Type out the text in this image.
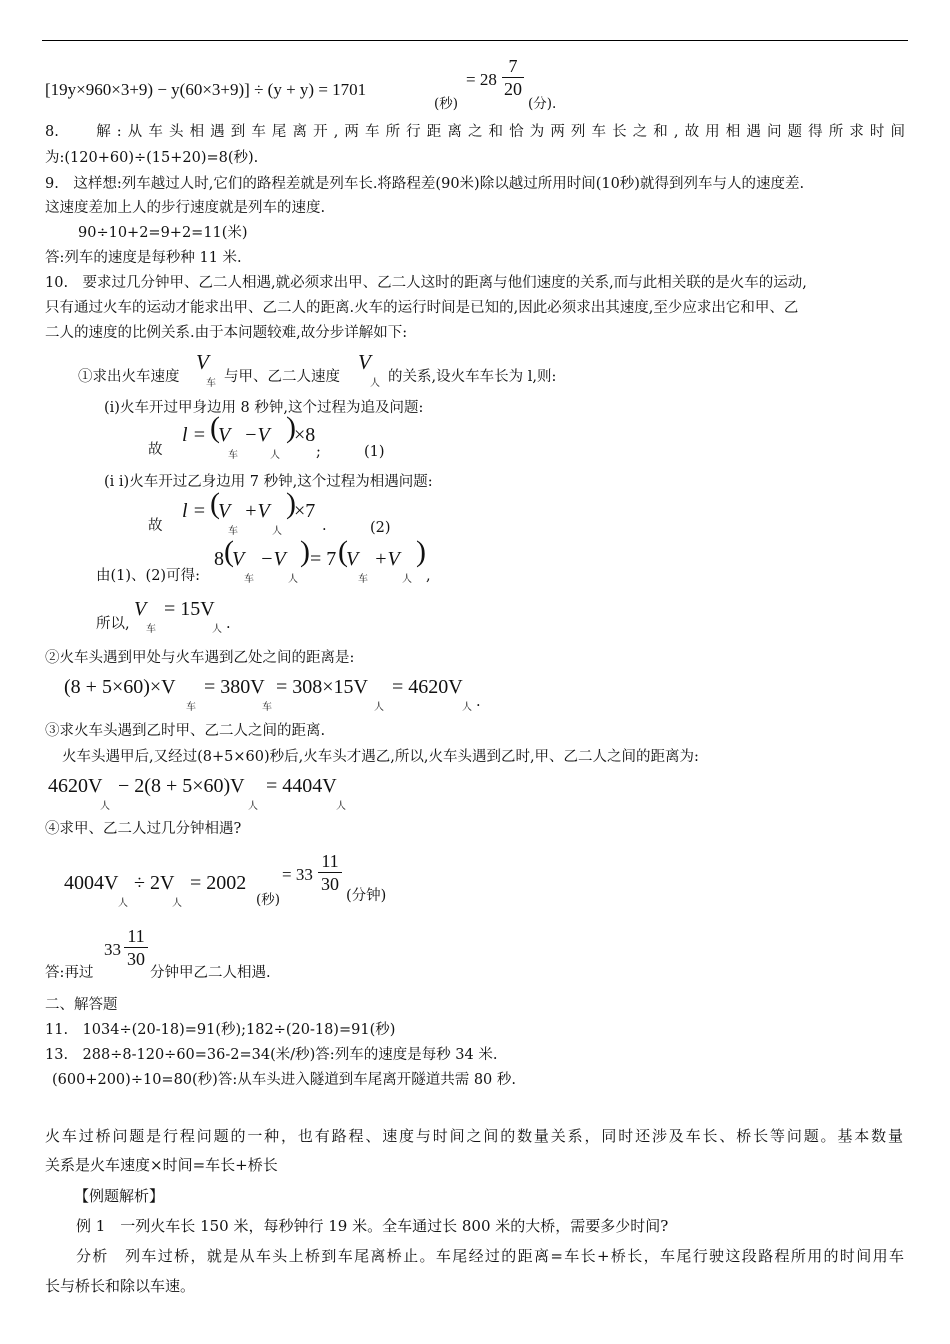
[19y×960×3+9) − y(60×3+9)] ÷ (y + y) = 1701
(秒)
= 28
7
20
(分).
8.　 解:从车头相遇到车尾离开,两车所行距离之和恰为两列车长之和,故用相遇问题得所求时间
为:(120+60)÷(15+20)=8(秒).
9.　这样想:列车越过人时,它们的路程差就是列车长.将路程差(90米)除以越过所用时间(10秒)就得到列车与人的速度差.
这速度差加上人的步行速度就是列车的速度.
90÷10+2=9+2=11(米)
答:列车的速度是每秒种 11 米.
10.　要求过几分钟甲、乙二人相遇,就必须求出甲、乙二人这时的距离与他们速度的关系,而与此相关联的是火车的运动,
只有通过火车的运动才能求出甲、乙二人的距离.火车的运行时间是已知的,因此必须求出其速度,至少应求出它和甲、乙
二人的速度的比例关系.由于本问题较难,故分步详解如下:
①求出火车速度
V
车 与甲、乙二人速度
V
人 的关系,设火车车长为 l,则:
(i)火车开过甲身边用 8 秒钟,这个过程为追及问题:
故
l = (
V
车
−V
人
)
×8
;	(1)
(i i)火车开过乙身边用 7 秒钟,这个过程为相遇问题:
故
l = (
V
车
+V
人
)
×7
.	(2)
由(1)、(2)可得:
8 (
V
车
−V
人
) = 7 (
V
车
+V
人
)
,
所以,
V
车
= 15V
人 .
②火车头遇到甲处与火车遇到乙处之间的距离是:
(8 + 5×60)×V
车
= 380V
车
= 308×15V
人
= 4620V
人 .
③求火车头遇到乙时甲、乙二人之间的距离.
火车头遇甲后,又经过(8+5×60)秒后,火车头才遇乙,所以,火车头遇到乙时,甲、乙二人之间的距离为:
4620V
人
− 2(8 + 5×60)V
人
= 4404V
人
④求甲、乙二人过几分钟相遇?
4004V
人
÷ 2V
人
= 2002
(秒)
= 33
11
30
(分钟)
33
11
30
答:再过	分钟甲乙二人相遇.
二、解答题
11.　1034÷(20-18)=91(秒);182÷(20-18)=91(秒)
13.　288÷8-120÷60=36-2=34(米/秒)答:列车的速度是每秒 34 米.
(600+200)÷10=80(秒)答:从车头进入隧道到车尾离开隧道共需 80 秒.
火车过桥问题是行程问题的一种，也有路程、速度与时间之间的数量关系，同时还涉及车长、桥长等问题。基本数量
关系是火车速度×时间=车长+桥长
【例题解析】
例 1　一列火车长 150 米，每秒钟行 19 米。全车通过长 800 米的大桥，需要多少时间?
分析　列车过桥，就是从车头上桥到车尾离桥止。车尾经过的距离=车长+桥长，车尾行驶这段路程所用的时间用车
长与桥长和除以车速。
